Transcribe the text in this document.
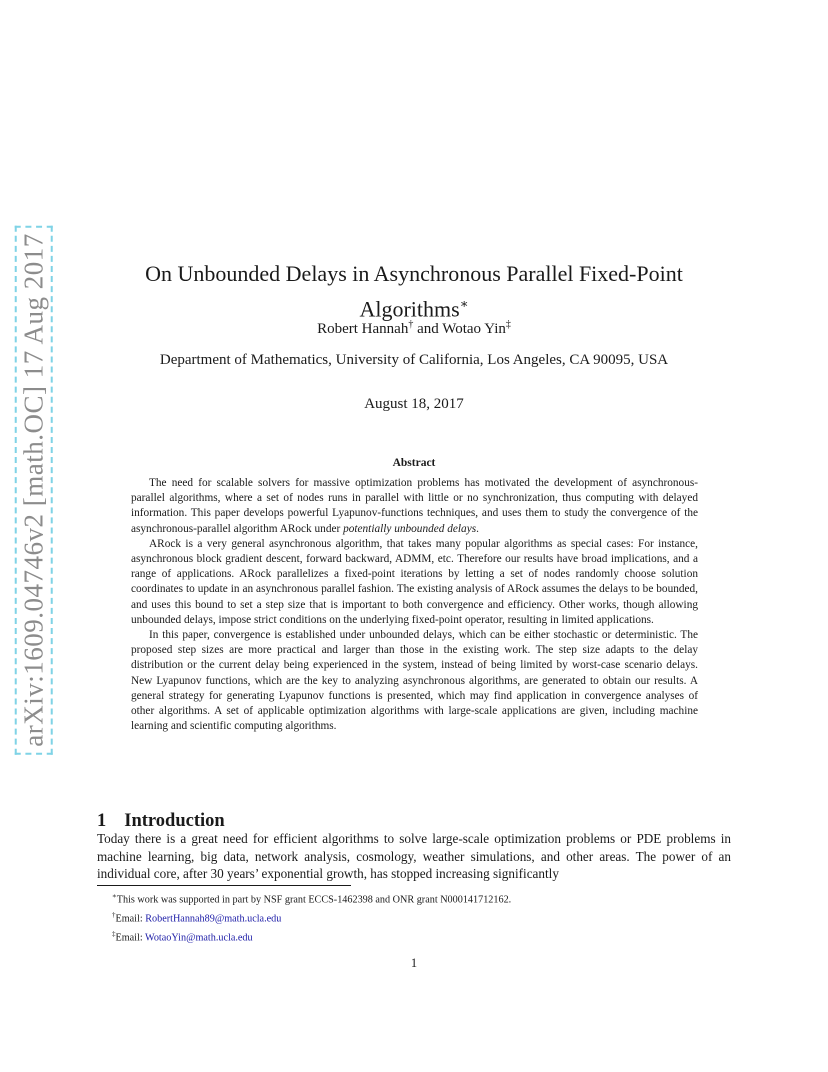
arXiv:1609.04746v2 [math.OC] 17 Aug 2017	On Unbounded Delays in Asynchronous Parallel Fixed-Point Algorithms∗
Robert Hannah† and Wotao Yin‡
Department of Mathematics, University of California, Los Angeles, CA 90095, USA
August 18, 2017
Abstract

The need for scalable solvers for massive optimization problems has motivated the development of asynchronous-parallel algorithms, where a set of nodes runs in parallel with little or no synchronization, thus computing with delayed information. This paper develops powerful Lyapunov-functions techniques, and uses them to study the convergence of the asynchronous-parallel algorithm ARock under potentially unbounded delays.

ARock is a very general asynchronous algorithm, that takes many popular algorithms as special cases: For instance, asynchronous block gradient descent, forward backward, ADMM, etc. Therefore our results have broad implications, and a range of applications. ARock parallelizes a fixed-point iterations by letting a set of nodes randomly choose solution coordinates to update in an asynchronous parallel fashion. The existing analysis of ARock assumes the delays to be bounded, and uses this bound to set a step size that is important to both convergence and efficiency. Other works, though allowing unbounded delays, impose strict conditions on the underlying fixed-point operator, resulting in limited applications.

In this paper, convergence is established under unbounded delays, which can be either stochastic or deterministic. The proposed step sizes are more practical and larger than those in the existing work. The step size adapts to the delay distribution or the current delay being experienced in the system, instead of being limited by worst-case scenario delays. New Lyapunov functions, which are the key to analyzing asynchronous algorithms, are generated to obtain our results. A general strategy for generating Lyapunov functions is presented, which may find application in convergence analyses of other algorithms. A set of applicable optimization algorithms with large-scale applications are given, including machine learning and scientific computing algorithms.

1 Introduction

Today there is a great need for efficient algorithms to solve large-scale optimization problems or PDE problems in machine learning, big data, network analysis, cosmology, weather simulations, and other areas. The power of an individual core, after 30 years’ exponential growth, has stopped increasing significantly

∗This work was supported in part by NSF grant ECCS-1462398 and ONR grant N000141712162.
†Email: RobertHannah89@math.ucla.edu
‡Email: WotaoYin@math.ucla.edu
1
